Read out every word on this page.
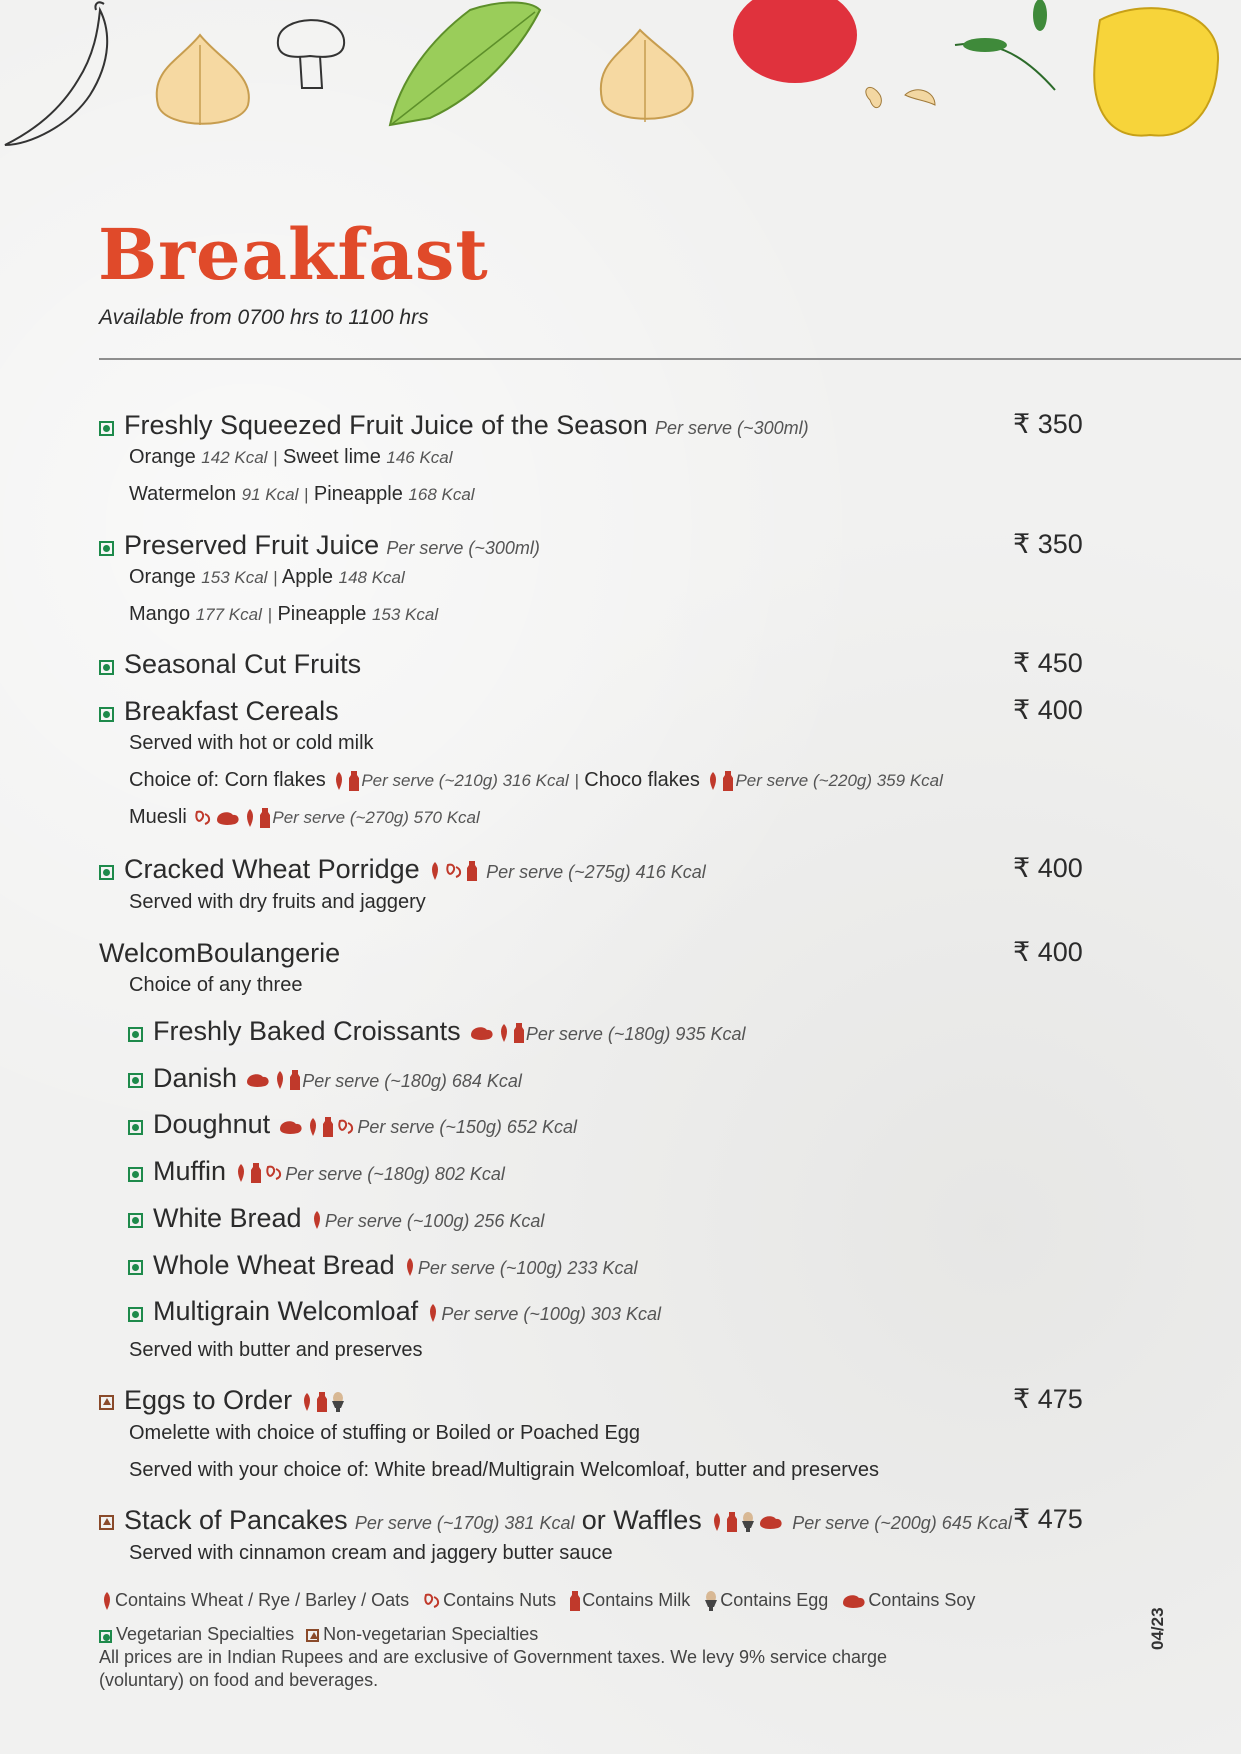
Breakfast
Available from 0700 hrs to 1100 hrs
Freshly Squeezed Fruit Juice of the Season Per serve (~300ml)	₹ 350
Orange 142 Kcal | Sweet lime 146 Kcal
Watermelon 91 Kcal | Pineapple 168 Kcal
Preserved Fruit Juice Per serve (~300ml)	₹ 350
Orange 153 Kcal | Apple 148 Kcal
Mango 177 Kcal | Pineapple 153 Kcal
Seasonal Cut Fruits	₹ 450
Breakfast Cereals	₹ 400
Served with hot or cold milk
Choice of: Corn flakes Per serve (~210g) 316 Kcal | Choco flakes Per serve (~220g) 359 Kcal
Muesli	Per serve (~270g) 570 Kcal
Cracked Wheat Porridge	Per serve (~275g) 416 Kcal	₹ 400
Served with dry fruits and jaggery
WelcomBoulangerie	₹ 400
Choice of any three
Freshly Baked Croissants	Per serve (~180g) 935 Kcal
Danish	Per serve (~180g) 684 Kcal
Doughnut	Per serve (~150g) 652 Kcal
Muffin	Per serve (~180g) 802 Kcal
White Bread Per serve (~100g) 256 Kcal
Whole Wheat Bread Per serve (~100g) 233 Kcal
Multigrain Welcomloaf Per serve (~100g) 303 Kcal
Served with butter and preserves
Eggs to Order	₹ 475
Omelette with choice of stuffing or Boiled or Poached Egg
Served with your choice of: White bread/Multigrain Welcomloaf, butter and preserves
Stack of Pancakes Per serve (~170g) 381 Kcal or Waffles	Per serve (~200g) 645 Kcal ₹ 475
Served with cinnamon cream and jaggery butter sauce
Contains Wheat / Rye / Barley / Oats Contains Nuts Contains Milk Contains Egg Contains Soy
Vegetarian Specialties Non-vegetarian Specialties
All prices are in Indian Rupees and are exclusive of Government taxes. We levy 9% service charge (voluntary) on food and beverages.
04/23
